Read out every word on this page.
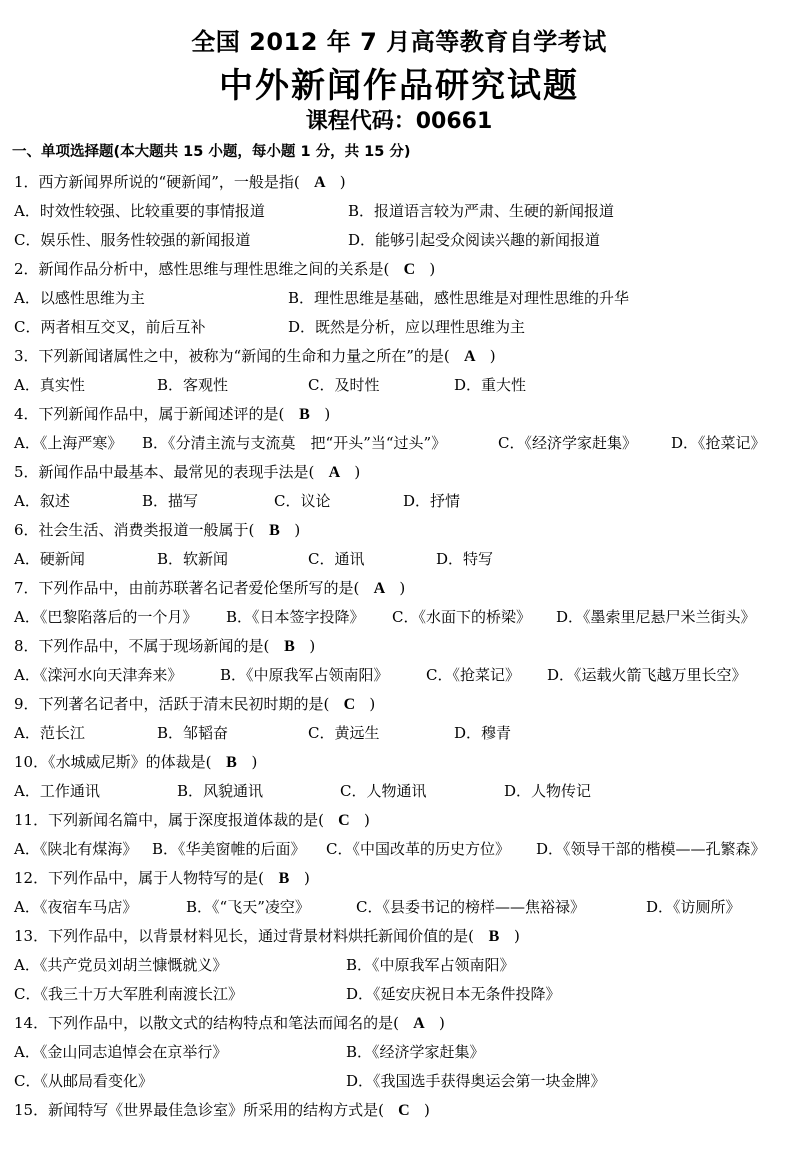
全国 2012 年 7 月高等教育自学考试
中外新闻作品研究试题
课程代码：00661
一、单项选择题(本大题共 15 小题，每小题 1 分，共 15 分)
1．西方新闻界所说的“硬新闻”，一般是指( A )
A．时效性较强、比较重要的事情报道	B．报道语言较为严肃、生硬的新闻报道
C．娱乐性、服务性较强的新闻报道	D．能够引起受众阅读兴趣的新闻报道
2．新闻作品分析中，感性思维与理性思维之间的关系是( C )
A．以感性思维为主	B．理性思维是基础，感性思维是对理性思维的升华
C．两者相互交叉，前后互补	D．既然是分析，应以理性思维为主
3．下列新闻诸属性之中，被称为“新闻的生命和力量之所在”的是( A )
A．真实性	B．客观性	C．及时性	D．重大性
4．下列新闻作品中，属于新闻述评的是( B )
A．《上海严寒》 B．《分清主流与支流莫　把“开头”当“过头”》	C．《经济学家赶集》 D．《抢菜记》
5．新闻作品中最基本、最常见的表现手法是( A )
A．叙述	B．描写	C．议论	D．抒情
6．社会生活、消费类报道一般属于( B )
A．硬新闻	B．软新闻	C．通讯	D．特写
7．下列作品中，由前苏联著名记者爱伦堡所写的是( A )
A．《巴黎陷落后的一个月》 B．《日本签字投降》 C．《水面下的桥梁》 D．《墨索里尼悬尸米兰街头》
8．下列作品中，不属于现场新闻的是( B )
A．《滦河水向天津奔来》	B．《中原我军占领南阳》 C．《抢菜记》 D．《运载火箭飞越万里长空》
9．下列著名记者中，活跃于清末民初时期的是( C )
A．范长江	B．邹韬奋	C．黄远生	D．穆青
10．《水城威尼斯》的体裁是( B )
A．工作通讯	B．风貌通讯	C．人物通讯	D．人物传记
11．下列新闻名篇中，属于深度报道体裁的是( C )
A．《陕北有煤海》 B．《华美窗帷的后面》 C．《中国改革的历史方位》 D．《领导干部的楷模——孔繁森》
12．下列作品中，属于人物特写的是( B )
A．《夜宿车马店》	B．《“飞天”凌空》	C．《县委书记的榜样——焦裕禄》	D．《访厕所》
13．下列作品中，以背景材料见长，通过背景材料烘托新闻价值的是( B )
A．《共产党员刘胡兰慷慨就义》	B．《中原我军占领南阳》
C．《我三十万大军胜利南渡长江》	D．《延安庆祝日本无条件投降》
14．下列作品中，以散文式的结构特点和笔法而闻名的是( A )
A．《金山同志追悼会在京举行》	B．《经济学家赶集》
C．《从邮局看变化》	D．《我国选手获得奥运会第一块金牌》
15．新闻特写《世界最佳急诊室》所采用的结构方式是( C )
